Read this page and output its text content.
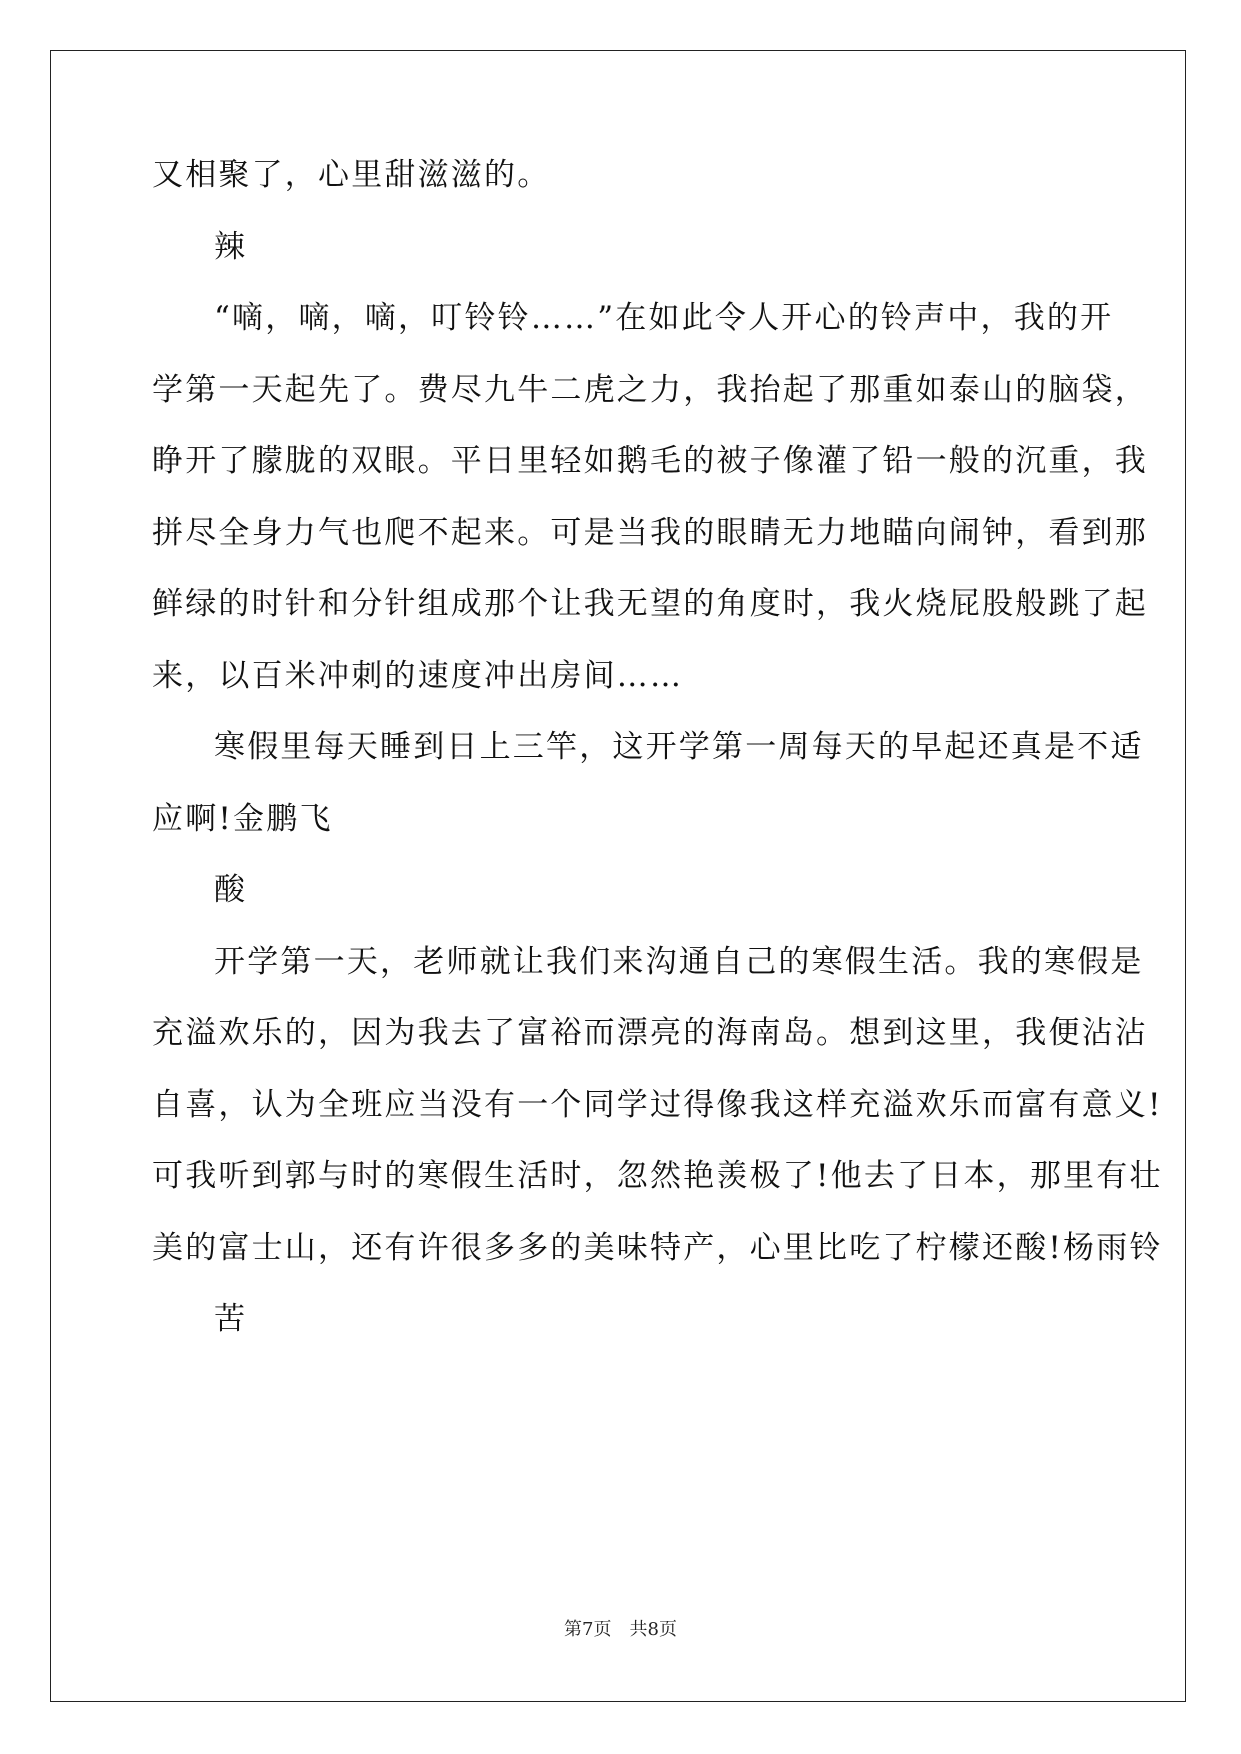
又相聚了，心里甜滋滋的。
辣
“嘀，嘀，嘀，叮铃铃……”在如此令人开心的铃声中，我的开
学第一天起先了。费尽九牛二虎之力，我抬起了那重如泰山的脑袋，
睁开了朦胧的双眼。平日里轻如鹅毛的被子像灌了铅一般的沉重，我
拼尽全身力气也爬不起来。可是当我的眼睛无力地瞄向闹钟，看到那
鲜绿的时针和分针组成那个让我无望的角度时，我火烧屁股般跳了起
来，以百米冲刺的速度冲出房间……
寒假里每天睡到日上三竿，这开学第一周每天的早起还真是不适
应啊!金鹏飞
酸
开学第一天，老师就让我们来沟通自己的寒假生活。我的寒假是
充溢欢乐的，因为我去了富裕而漂亮的海南岛。想到这里，我便沾沾
自喜，认为全班应当没有一个同学过得像我这样充溢欢乐而富有意义!
可我听到郭与时的寒假生活时，忽然艳羡极了!他去了日本，那里有壮
美的富士山，还有许很多多的美味特产，心里比吃了柠檬还酸!杨雨铃
苦
第7页　共8页
